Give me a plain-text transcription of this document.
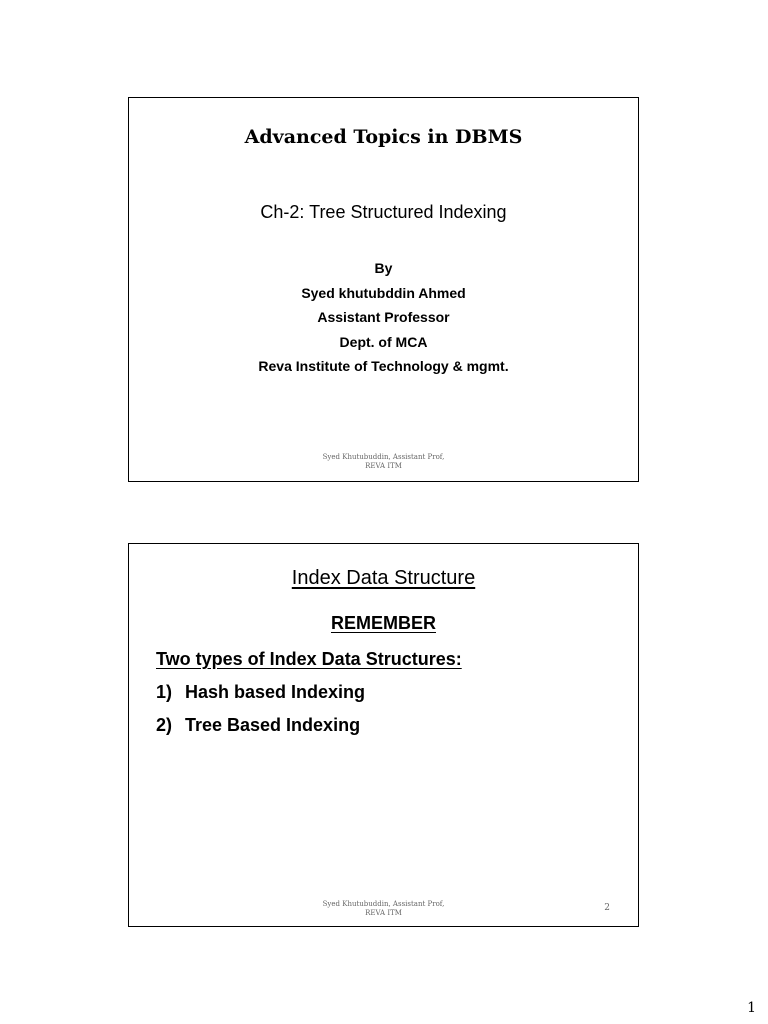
Advanced Topics in DBMS
Ch-2: Tree Structured Indexing
By
Syed khutubddin Ahmed
Assistant Professor
Dept. of MCA
Reva Institute of Technology & mgmt.
Syed Khutubuddin, Assistant Prof,
REVA ITM
Index Data Structure
REMEMBER
Two types of Index Data Structures:
1) Hash based Indexing
2) Tree Based Indexing
Syed Khutubuddin, Assistant Prof,
REVA ITM	2
1
